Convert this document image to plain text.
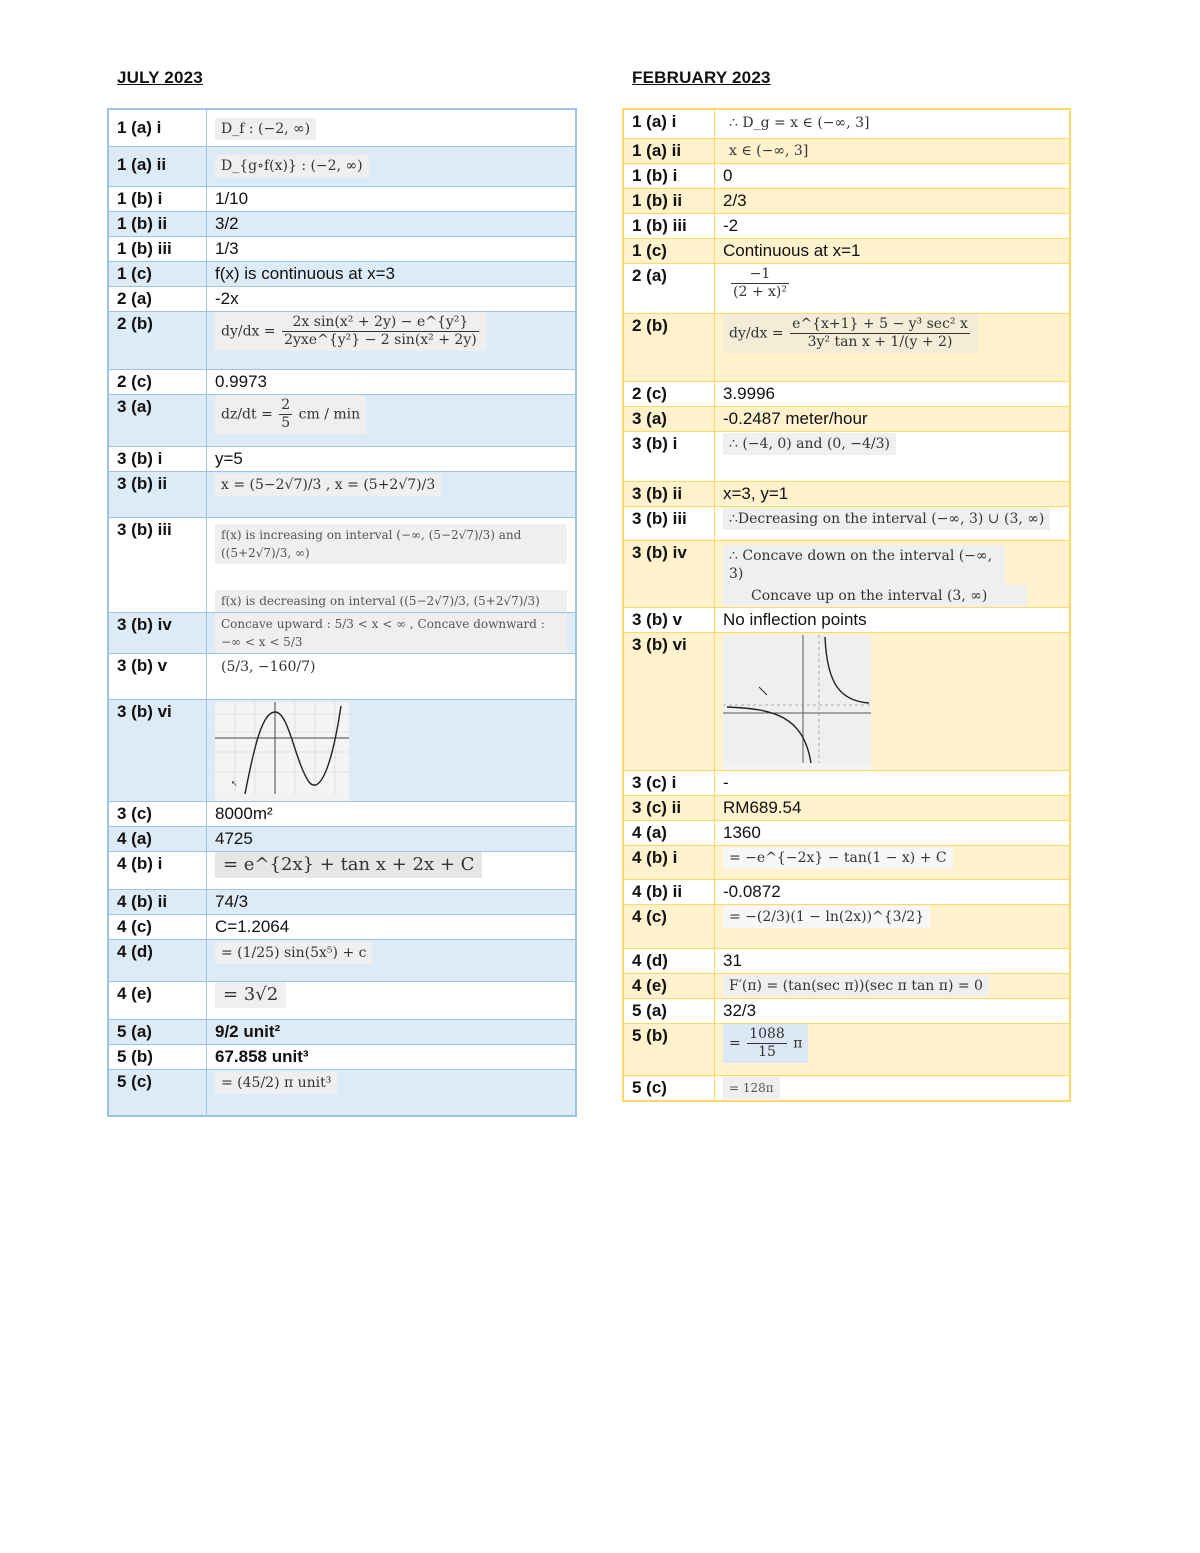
JULY 2023	FEBRUARY 2023
1 (a) i	D_f : (−2, ∞)
1 (a) ii	D_{g∘f(x)} : (−2, ∞)
1 (b) i	1/10
1 (b) ii	3/2
1 (b) iii	1/3
1 (c)	f(x) is continuous at x=3
2 (a)	-2x
2 (b)	$dy/dx = \frac{\text{2x sin(x² + 2y) − e\textasciicircum{}\{y²\}}}{\text{2yxe\textasciicircum{}\{y²\} − 2 sin(x² + 2y)}}$

2 (c)	0.9973
3 (a)	$dz/dt = \frac{2}{5}$ cm / min
3 (b) i	y=5
3 (b) ii	x = (5−2√7)/3 , x = (5+2√7)/3
3 (b) iii	f(x) is increasing on interval (−∞, (5−2√7)/3) and ((5+2√7)/3, ∞)
f(x) is decreasing on interval ((5−2√7)/3, (5+2√7)/3)

3 (b) iv	Concave upward : 5/3 < x < ∞ , Concave downward : −∞ < x < 5/3
3 (b) v	(5/3, −160/7)
3 (b) vi	↖

3 (c)	8000m²
4 (a)	4725
4 (b) i	= e^{2x} + tan x + 2x + C
4 (b) ii	74/3
4 (c)	C=1.2064
4 (d)	= (1/25) sin(5x⁵) + c
4 (e)	= 3√2
5 (a)	9/2 unit²
5 (b)	67.858 unit³
5 (c)	= (45/2) π unit³
1 (a) i	∴ D_g = x ∈ (−∞, 3]
1 (a) ii	x ∈ (−∞, 3]
1 (b) i	0
1 (b) ii	2/3
1 (b) iii	-2
1 (c)	Continuous at x=1
2 (a)	$\frac{-1}{\text{(2 + x)²}}$

2 (b)	$dy/dx = \frac{\text{e\textasciicircum{}\{x+1\} + 5 − y³ sec² x}}{\text{3y² tan x + 1/(y + 2)}}$

2 (c)	3.9996
3 (a)	-0.2487 meter/hour
3 (b) i	∴ (−4, 0) and (0, −4/3)
3 (b) ii	x=3, y=1
3 (b) iii	∴Decreasing on the interval (−∞, 3) ∪ (3, ∞)
3 (b) iv	∴ Concave down on the interval (−∞, 3)
Concave up on the interval (3, ∞)

3 (b) v	No inflection points
3 (b) vi	
3 (c) i	-
3 (c) ii	RM689.54
4 (a)	1360
4 (b) i	= −e^{−2x} − tan(1 − x) + C
4 (b) ii	-0.0872
4 (c)	= −(2/3)(1 − ln(2x))^{3/2}
4 (d)	31
4 (e)	F′(π) = (tan(sec π))(sec π tan π) = 0
5 (a)	32/3
5 (b)	= $\frac{1088}{15}$ π
5 (c)	= 128π
